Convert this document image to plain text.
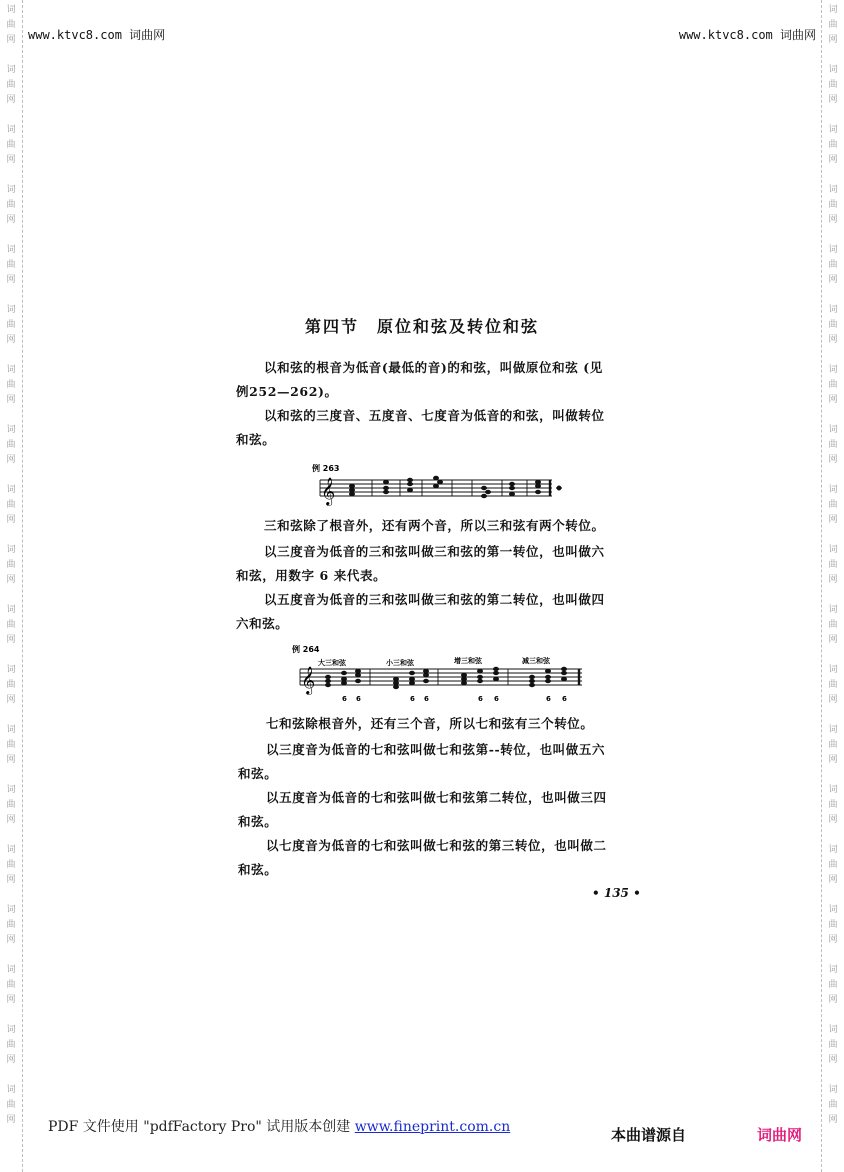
词
曲
网
词
曲
网
词
曲
网
词
曲
网
词
曲
网
词
曲
网
词
曲
网
词
曲
网
词
曲
网
词
曲
网
词
曲
网
词
曲
网
词
曲
网
词
曲
网
词
曲
网
词
曲
网
词
曲
网
词
曲
网
词
曲
网
词
曲
网
词
曲
网
词
曲
网
词
曲
网
词
曲
网
词
曲
网
词
曲
网
词
曲
网
词
曲
网
词
曲
网
词
曲
网
词
曲
网
词
曲
网
词
曲
网
词
曲
网
词
曲
网
词
曲
网
词
曲
网
词
曲
网
www.ktvc8.com 词曲网	www.ktvc8.com 词曲网
第四节　原位和弦及转位和弦
以和弦的根音为低音(最低的音)的和弦，叫做原位和弦 (见
例252—262)。
以和弦的三度音、五度音、七度音为低音的和弦，叫做转位
和弦。
例 263
𝄞
三和弦除了根音外，还有两个音，所以三和弦有两个转位。
以三度音为低音的三和弦叫做三和弦的第一转位，也叫做六
和弦，用数字 6 来代表。
以五度音为低音的三和弦叫做三和弦的第二转位，也叫做四
六和弦。
例 264
大三和弦	小三和弦	增三和弦	减三和弦
𝄞
6 6	6 6	6 6	6 6
七和弦除根音外，还有三个音，所以七和弦有三个转位。
以三度音为低音的七和弦叫做七和弦第--转位，也叫做五六
和弦。
以五度音为低音的七和弦叫做七和弦第二转位，也叫做三四
和弦。
以七度音为低音的七和弦叫做七和弦的第三转位，也叫做二
和弦。
• 135 •
PDF 文件使用 "pdfFactory Pro" 试用版本创建 www.fineprint.com.cn	本曲谱源自	词曲网
